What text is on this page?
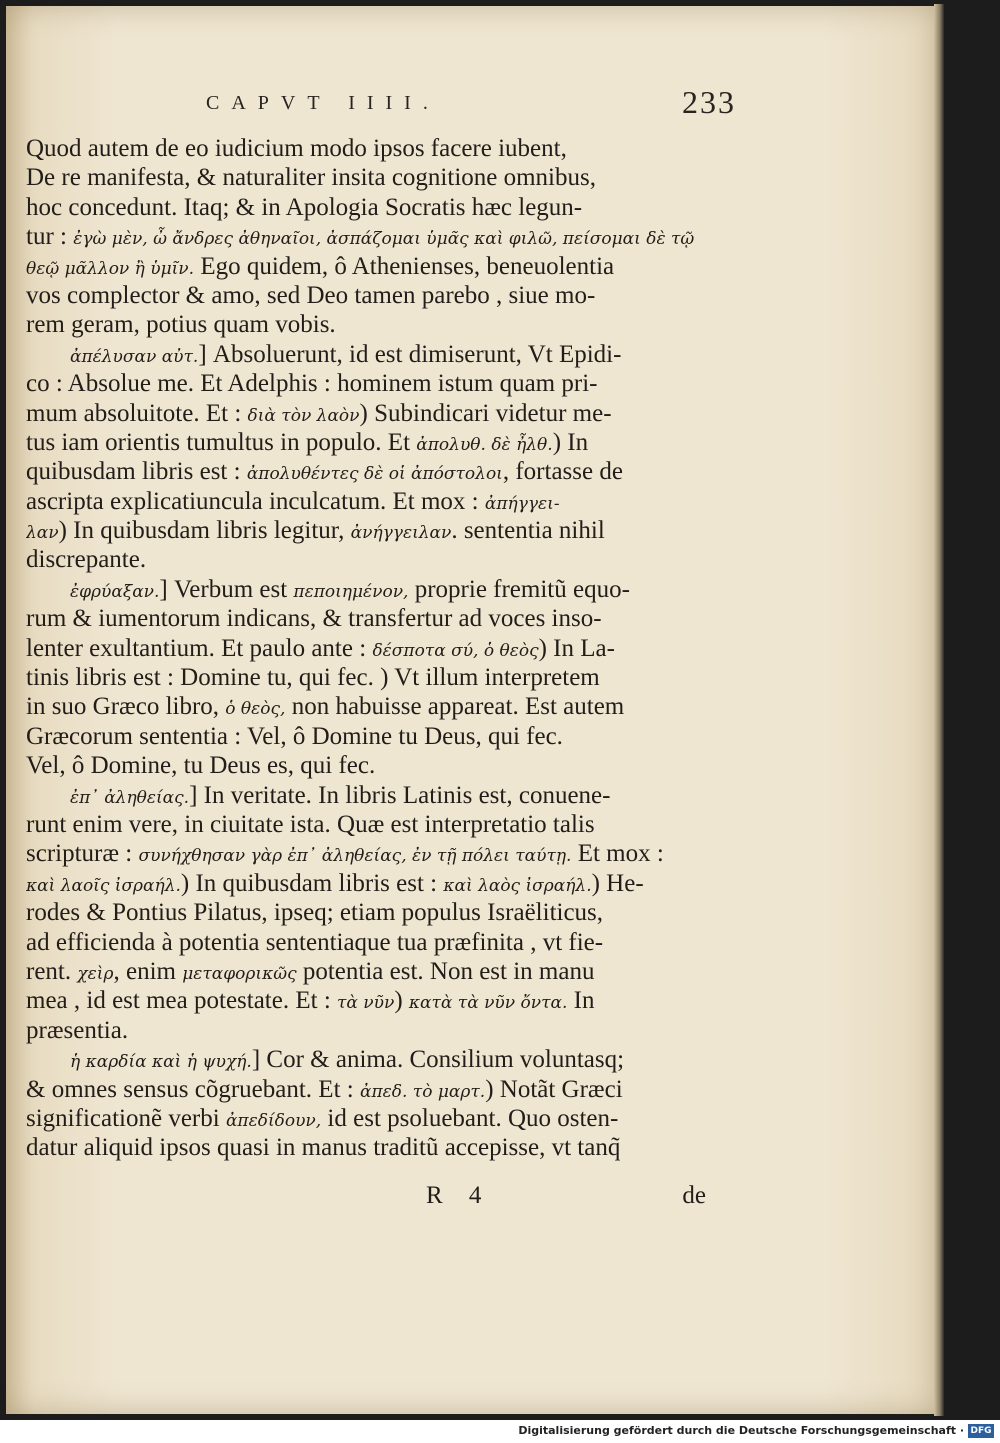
CAPVT IIII.	233
Quod autem de eo iudicium modo ipsos facere iubent,
De re manifesta, & naturaliter insita cognitione omnibus,
hoc concedunt. Itaq; & in Apologia Socratis hæc legun-
tur : ἐγὼ μὲν, ὦ ἄνδρες ἀθηναῖοι, ἀσπάζομαι ὑμᾶς καὶ φιλῶ, πείσομαι δὲ τῷ
θεῷ μᾶλλον ἢ ὑμῖν. Ego quidem, ô Athenienses, beneuolentia
vos complector & amo, sed Deo tamen parebo , siue mo-
rem geram, potius quam vobis.
ἀπέλυσαν αὐτ.] Absoluerunt, id est dimiserunt, Vt Epidi-
co : Absolue me. Et Adelphis : hominem istum quam pri-
mum absoluitote. Et : διὰ τὸν λαὸν) Subindicari videtur me-
tus iam orientis tumultus in populo. Et ἀπολυθ. δὲ ἦλθ.) In
quibusdam libris est : ἀπολυθέντες δὲ οἱ ἀπόστολοι, fortasse de
ascripta explicatiuncula inculcatum. Et mox : ἀπήγγει-
λαν) In quibusdam libris legitur, ἀνήγγειλαν. sententia nihil
discrepante.
ἐφρύαξαν.] Verbum est πεποιημένον, proprie fremitũ equo-
rum & iumentorum indicans, & transfertur ad voces inso-
lenter exultantium. Et paulo ante : δέσποτα σύ, ὁ θεὸς) In La-
tinis libris est : Domine tu, qui fec. ) Vt illum interpretem
in suo Græco libro, ὁ θεὸς, non habuisse appareat. Est autem
Græcorum sententia : Vel, ô Domine tu Deus, qui fec.
Vel, ô Domine, tu Deus es, qui fec.
ἐπ᾽ ἀληθείας.] In veritate. In libris Latinis est, conuene-
runt enim vere, in ciuitate ista. Quæ est interpretatio talis
scripturæ : συνήχθησαν γὰρ ἐπ᾽ ἀληθείας, ἐν τῇ πόλει ταύτῃ. Et mox :
καὶ λαοῖς ἰσραήλ.) In quibusdam libris est : καὶ λαὸς ἰσραήλ.) He-
rodes & Pontius Pilatus, ipseq; etiam populus Israëliticus,
ad efficienda à potentia sententiaque tua præfinita , vt fie-
rent. χεὶρ, enim μεταφορικῶς potentia est. Non est in manu
mea , id est mea potestate. Et : τὰ νῦν) κατὰ τὰ νῦν ὄντα. In
præsentia.
ἡ καρδία καὶ ἡ ψυχή.] Cor & anima. Consilium voluntasq;
& omnes sensus cõgruebant. Et : ἀπεδ. τὸ μαρτ.) Notãt Græci
significationẽ verbi ἀπεδίδουν, id est psoluebant. Quo osten-
datur aliquid ipsos quasi in manus traditũ accepisse, vt tanq̃
R 4	de
Digitalisierung gefördert durch die Deutsche Forschungsgemeinschaft · DFG
